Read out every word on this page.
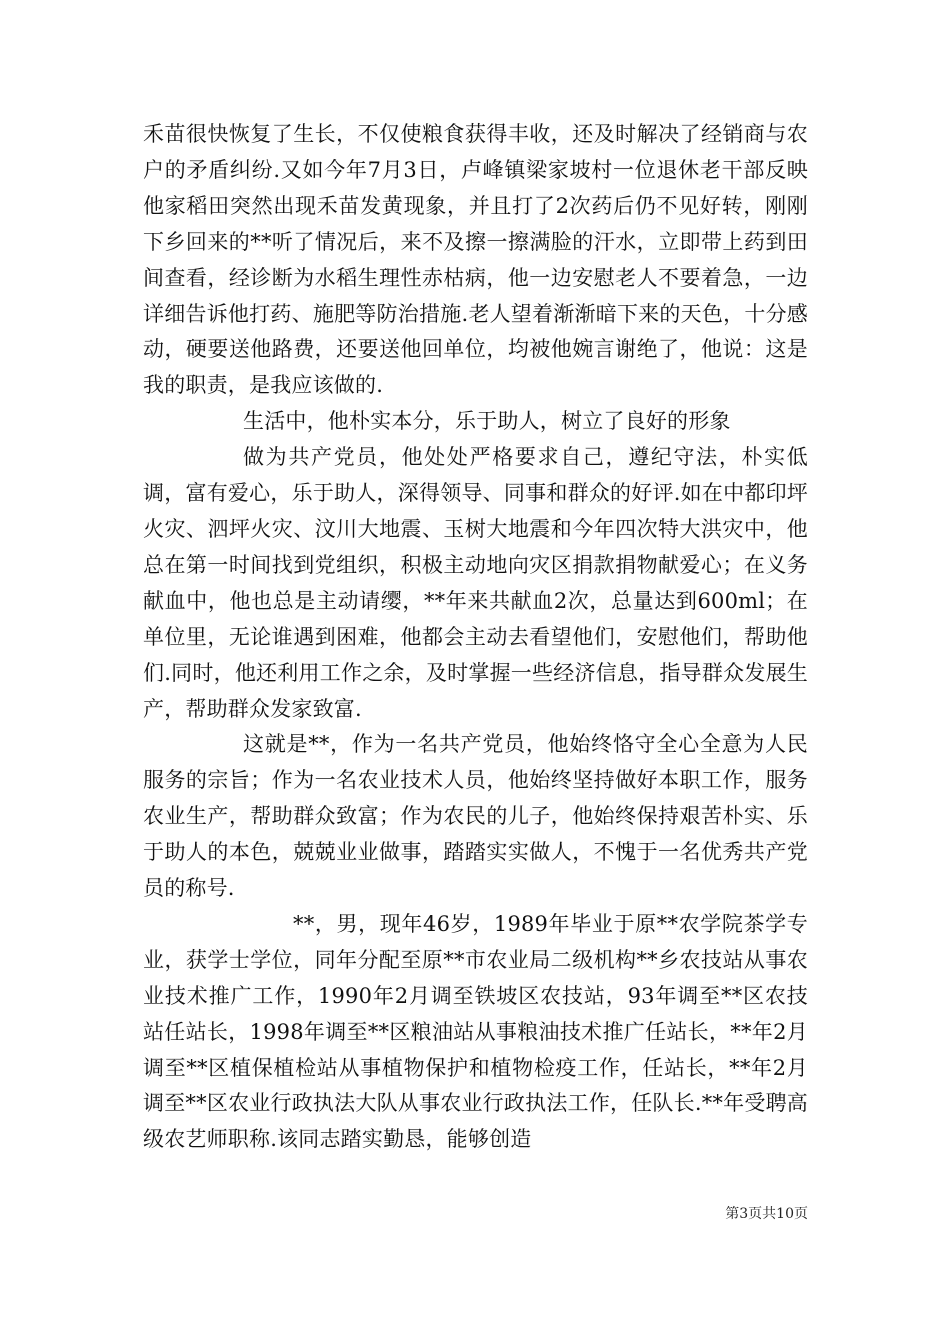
禾苗很快恢复了生长，不仅使粮食获得丰收，还及时解决了经销商与农户的矛盾纠纷.又如今年7月3日，卢峰镇梁家坡村一位退休老干部反映他家稻田突然出现禾苗发黄现象，并且打了2次药后仍不见好转，刚刚下乡回来的**听了情况后，来不及擦一擦满脸的汗水，立即带上药到田间查看，经诊断为水稻生理性赤枯病，他一边安慰老人不要着急，一边详细告诉他打药、施肥等防治措施.老人望着渐渐暗下来的天色，十分感动，硬要送他路费，还要送他回单位，均被他婉言谢绝了，他说：这是我的职责，是我应该做的.

生活中，他朴实本分，乐于助人，树立了良好的形象

做为共产党员，他处处严格要求自己，遵纪守法，朴实低调，富有爱心，乐于助人，深得领导、同事和群众的好评.如在中都印坪火灾、泗坪火灾、汶川大地震、玉树大地震和今年四次特大洪灾中，他总在第一时间找到党组织，积极主动地向灾区捐款捐物献爱心；在义务献血中，他也总是主动请缨，**年来共献血2次，总量达到600ml；在单位里，无论谁遇到困难，他都会主动去看望他们，安慰他们，帮助他们.同时，他还利用工作之余，及时掌握一些经济信息，指导群众发展生产，帮助群众发家致富.

这就是**，作为一名共产党员，他始终恪守全心全意为人民服务的宗旨；作为一名农业技术人员，他始终坚持做好本职工作，服务农业生产，帮助群众致富；作为农民的儿子，他始终保持艰苦朴实、乐于助人的本色，兢兢业业做事，踏踏实实做人，不愧于一名优秀共产党员的称号.

**，男，现年46岁，1989年毕业于原**农学院茶学专业，获学士学位，同年分配至原**市农业局二级机构**乡农技站从事农业技术推广工作，1990年2月调至铁坡区农技站，93年调至**区农技站任站长，1998年调至**区粮油站从事粮油技术推广任站长，**年2月调至**区植保植检站从事植物保护和植物检疫工作，任站长，**年2月调至**区农业行政执法大队从事农业行政执法工作，任队长.**年受聘高级农艺师职称.该同志踏实勤恳，能够创造

第3页共10页
